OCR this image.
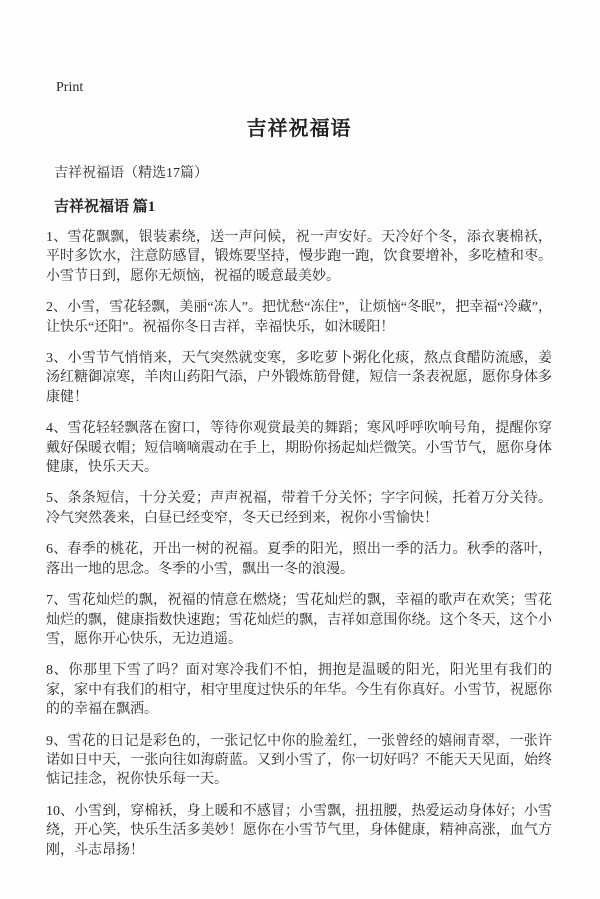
Print
吉祥祝福语
吉祥祝福语（精选17篇）
吉祥祝福语 篇1

1、雪花飘飘，银装素绕，送一声问候，祝一声安好。天冷好个冬，添衣裹棉袄，平时多饮水，注意防感冒，锻炼要坚持，慢步跑一跑，饮食要增补，多吃楂和枣。小雪节日到，愿你无烦恼，祝福的暖意最美妙。

2、小雪，雪花轻飘，美丽“冻人”。把忧愁“冻住”，让烦恼“冬眠”，把幸福“冷藏”，让快乐“还阳”。祝福你冬日吉祥，幸福快乐，如沐暖阳！

3、小雪节气悄悄来，天气突然就变寒，多吃萝卜粥化化痰，熬点食醋防流感，姜汤红糖御凉寒，羊肉山药阳气添，户外锻炼筋骨健，短信一条表祝愿，愿你身体多康健！

4、雪花轻轻飘落在窗口，等待你观赏最美的舞蹈；寒风呼呼吹响号角，提醒你穿戴好保暖衣帽；短信嘀嘀震动在手上，期盼你扬起灿烂微笑。小雪节气，愿你身体健康，快乐天天。

5、条条短信，十分关爱；声声祝福，带着千分关怀；字字问候，托着万分关待。冷气突然袭来，白昼已经变窄，冬天已经到来，祝你小雪愉快！

6、春季的桃花，开出一树的祝福。夏季的阳光，照出一季的活力。秋季的落叶，落出一地的思念。冬季的小雪，飘出一冬的浪漫。

7、雪花灿烂的飘，祝福的情意在燃烧；雪花灿烂的飘，幸福的歌声在欢笑；雪花灿烂的飘，健康指数快速跑；雪花灿烂的飘，吉祥如意围你绕。这个冬天，这个小雪，愿你开心快乐，无边逍遥。

8、你那里下雪了吗？面对寒冷我们不怕，拥抱是温暖的阳光，阳光里有我们的家，家中有我们的相守，相守里度过快乐的年华。今生有你真好。小雪节，祝愿你的的幸福在飘洒。

9、雪花的日记是彩色的，一张记忆中你的脸羞红，一张曾经的嬉闹青翠，一张许诺如日中天，一张向往如海蔚蓝。又到小雪了，你一切好吗？不能天天见面，始终惦记挂念，祝你快乐每一天。

10、小雪到，穿棉袄，身上暖和不感冒；小雪飘，扭扭腰，热爱运动身体好；小雪绕，开心笑，快乐生活多美妙！愿你在小雪节气里，身体健康，精神高涨，血气方刚，斗志昂扬！
